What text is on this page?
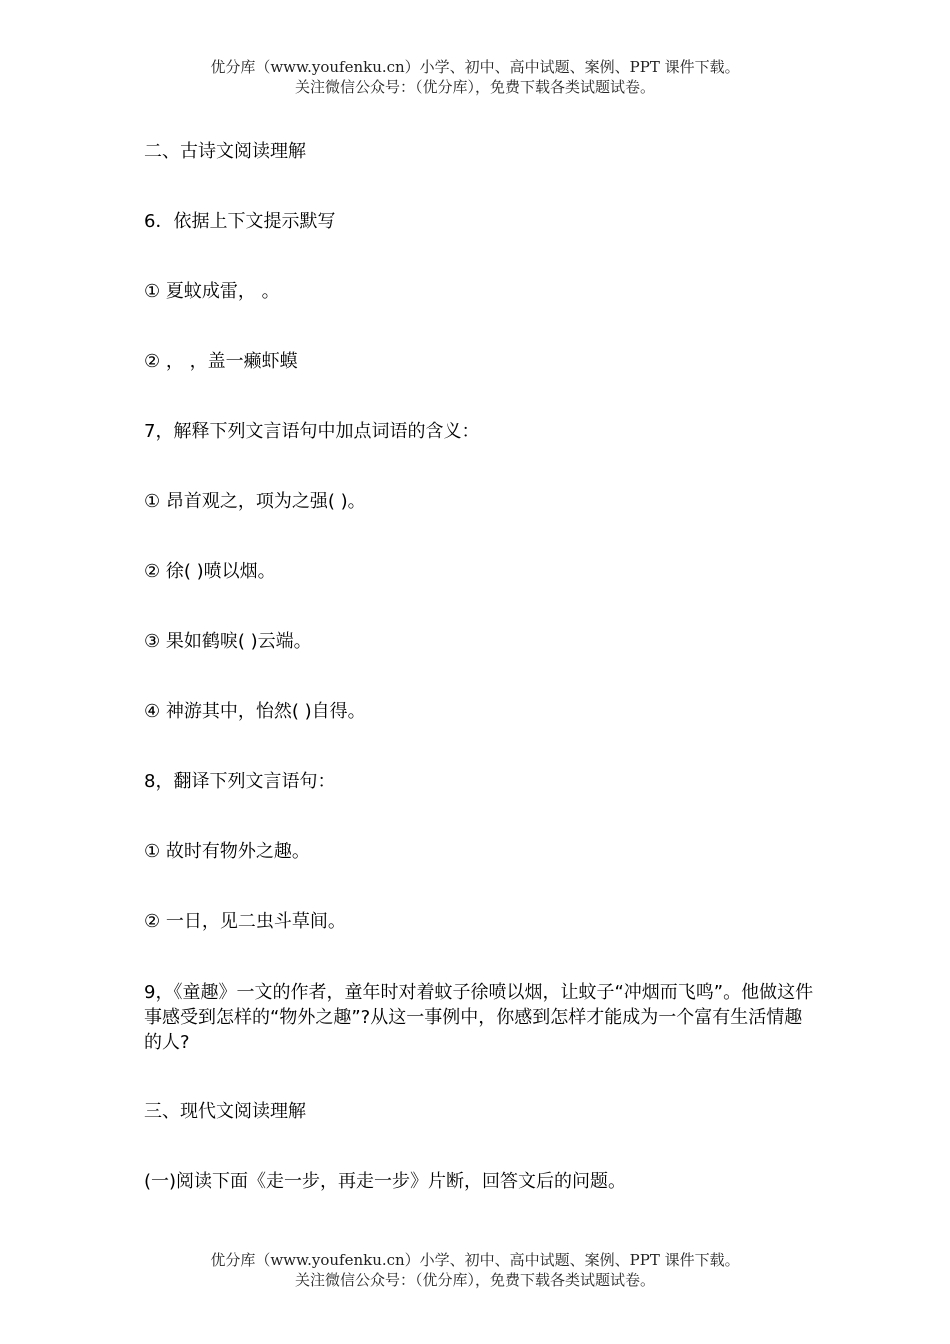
优分库（www.youfenku.cn）小学、初中、高中试题、案例、PPT 课件下载。
关注微信公众号：（优分库），免费下载各类试题试卷。
二、古诗文阅读理解
6．依据上下文提示默写
① 夏蚊成雷， 。
② ， ，盖一癞虾蟆
7，解释下列文言语句中加点词语的含义：
① 昂首观之，项为之强( )。
② 徐( )喷以烟。
③ 果如鹤唳( )云端。
④ 神游其中，怡然( )自得。
8，翻译下列文言语句：
① 故时有物外之趣。
② 一日，见二虫斗草间。
9，《童趣》一文的作者，童年时对着蚊子徐喷以烟，让蚊子“冲烟而飞鸣”。他做这件事感受到怎样的“物外之趣”?从这一事例中，你感到怎样才能成为一个富有生活情趣的人?
三、现代文阅读理解
(一)阅读下面《走一步，再走一步》片断，回答文后的问题。
优分库（www.youfenku.cn）小学、初中、高中试题、案例、PPT 课件下载。
关注微信公众号：（优分库），免费下载各类试题试卷。
